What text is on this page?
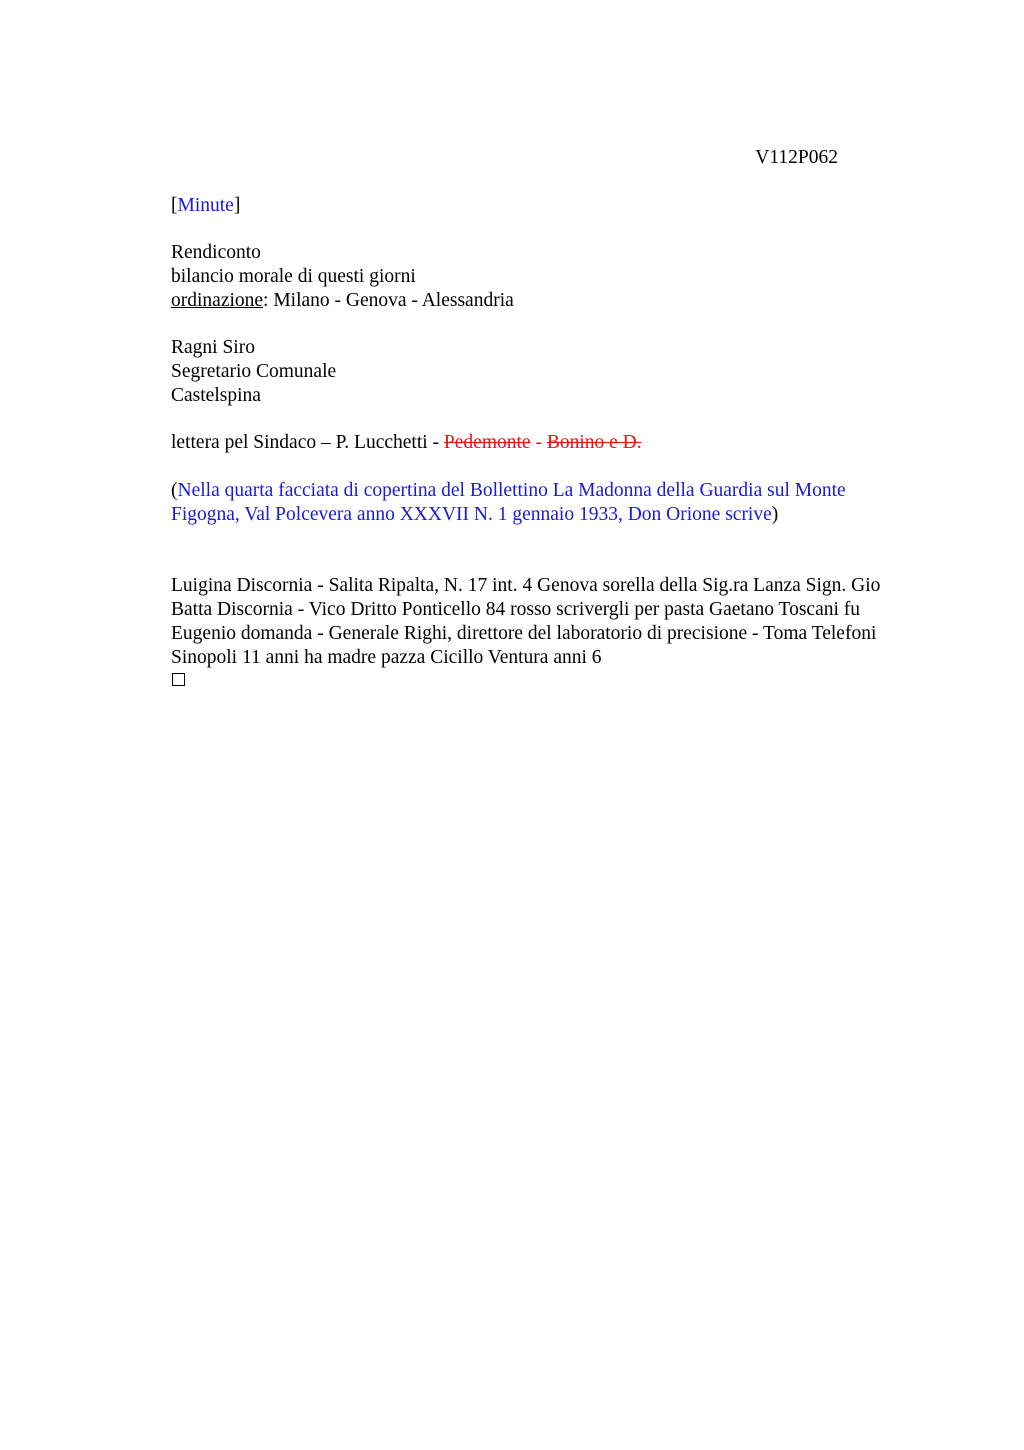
V112P062

[Minute]

Rendiconto
bilancio morale di questi giorni
ordinazione: Milano - Genova - Alessandria
Ragni Siro
Segretario Comunale
Castelspina

lettera pel Sindaco – P. Lucchetti - Pedemonte - Bonino e D.

(Nella quarta facciata di copertina del Bollettino La Madonna della Guardia sul Monte
Figogna, Val Polcevera anno XXXVII N. 1 gennaio 1933, Don Orione scrive)
Luigina Discornia - Salita Ripalta, N. 17 int. 4 Genova sorella della Sig.ra Lanza Sign. Gio
Batta Discornia - Vico Dritto Ponticello 84 rosso scrivergli per pasta Gaetano Toscani fu
Eugenio domanda - Generale Righi, direttore del laboratorio di precisione - Toma Telefoni
Sinopoli 11 anni ha madre pazza Cicillo Ventura anni 6
